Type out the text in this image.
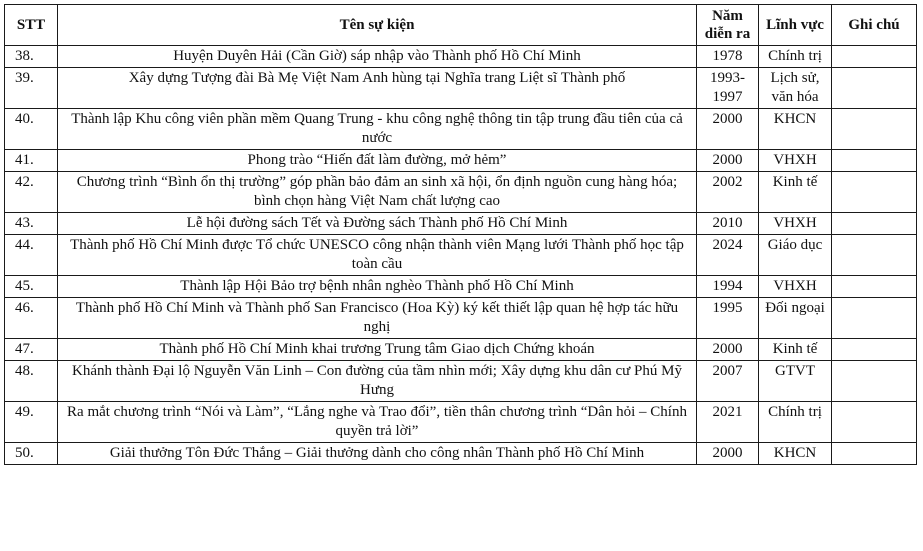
STT	Tên sự kiện	Năm diễn ra	Lĩnh vực	Ghi chú
38.	Huyện Duyên Hải (Cần Giờ) sáp nhập vào Thành phố Hồ Chí Minh	1978	Chính trị	
39.	Xây dựng Tượng đài Bà Mẹ Việt Nam Anh hùng tại Nghĩa trang Liệt sĩ Thành phố	1993-1997	Lịch sử, văn hóa	
40.	Thành lập Khu công viên phần mềm Quang Trung - khu công nghệ thông tin tập trung đầu tiên của cả nước	2000	KHCN	
41.	Phong trào “Hiến đất làm đường, mở hẻm”	2000	VHXH	
42.	Chương trình “Bình ổn thị trường” góp phần bảo đảm an sinh xã hội, ổn định nguồn cung hàng hóa; bình chọn hàng Việt Nam chất lượng cao	2002	Kinh tế	
43.	Lễ hội đường sách Tết và Đường sách Thành phố Hồ Chí Minh	2010	VHXH	
44.	Thành phố Hồ Chí Minh được Tổ chức UNESCO công nhận thành viên Mạng lưới Thành phố học tập toàn cầu	2024	Giáo dục	
45.	Thành lập Hội Bảo trợ bệnh nhân nghèo Thành phố Hồ Chí Minh	1994	VHXH	
46.	Thành phố Hồ Chí Minh và Thành phố San Francisco (Hoa Kỳ) ký kết thiết lập quan hệ hợp tác hữu nghị	1995	Đối ngoại	
47.	Thành phố Hồ Chí Minh khai trương Trung tâm Giao dịch Chứng khoán	2000	Kinh tế	
48.	Khánh thành Đại lộ Nguyễn Văn Linh – Con đường của tầm nhìn mới; Xây dựng khu dân cư Phú Mỹ Hưng	2007	GTVT	
49.	Ra mắt chương trình “Nói và Làm”, “Lắng nghe và Trao đổi”, tiền thân chương trình “Dân hỏi – Chính quyền trả lời”	2021	Chính trị	
50.	Giải thưởng Tôn Đức Thắng – Giải thưởng dành cho công nhân Thành phố Hồ Chí Minh	2000	KHCN	
